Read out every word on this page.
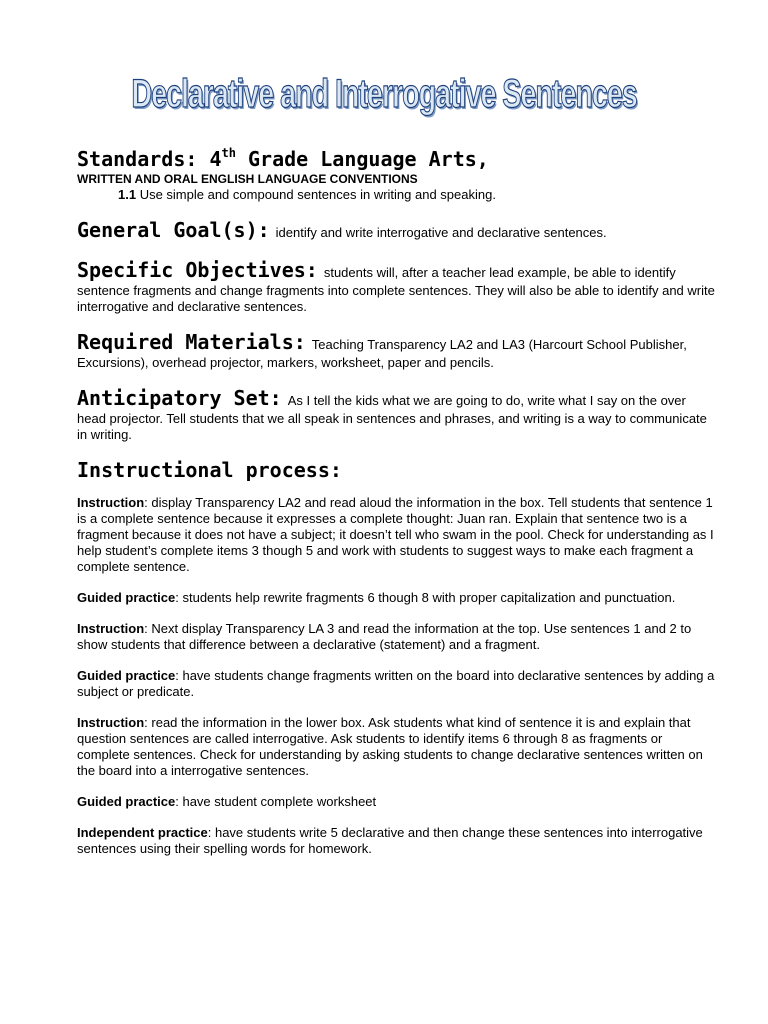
Declarative and Interrogative Sentences
Standards: 4th Grade Language Arts,
WRITTEN AND ORAL ENGLISH LANGUAGE CONVENTIONS
1.1 Use simple and compound sentences in writing and speaking.
General Goal(s): identify and write interrogative and declarative sentences.
Specific Objectives: students will, after a teacher lead example, be able to identify sentence fragments and change fragments into complete sentences. They will also be able to identify and write interrogative and declarative sentences.
Required Materials: Teaching Transparency LA2 and LA3 (Harcourt School Publisher, Excursions), overhead projector, markers, worksheet, paper and pencils.
Anticipatory Set: As I tell the kids what we are going to do, write what I say on the over head projector. Tell students that we all speak in sentences and phrases, and writing is a way to communicate in writing.
Instructional process:

Instruction: display Transparency LA2 and read aloud the information in the box. Tell students that sentence 1 is a complete sentence because it expresses a complete thought: Juan ran. Explain that sentence two is a fragment because it does not have a subject; it doesn’t tell who swam in the pool. Check for understanding as I help student’s complete items 3 though 5 and work with students to suggest ways to make each fragment a complete sentence.

Guided practice: students help rewrite fragments 6 though 8 with proper capitalization and punctuation.

Instruction: Next display Transparency LA 3 and read the information at the top. Use sentences 1 and 2 to show students that difference between a declarative (statement) and a fragment.

Guided practice: have students change fragments written on the board into declarative sentences by adding a subject or predicate.

Instruction: read the information in the lower box. Ask students what kind of sentence it is and explain that question sentences are called interrogative. Ask students to identify items 6 through 8 as fragments or complete sentences. Check for understanding by asking students to change declarative sentences written on the board into a interrogative sentences.

Guided practice: have student complete worksheet

Independent practice: have students write 5 declarative and then change these sentences into interrogative sentences using their spelling words for homework.
